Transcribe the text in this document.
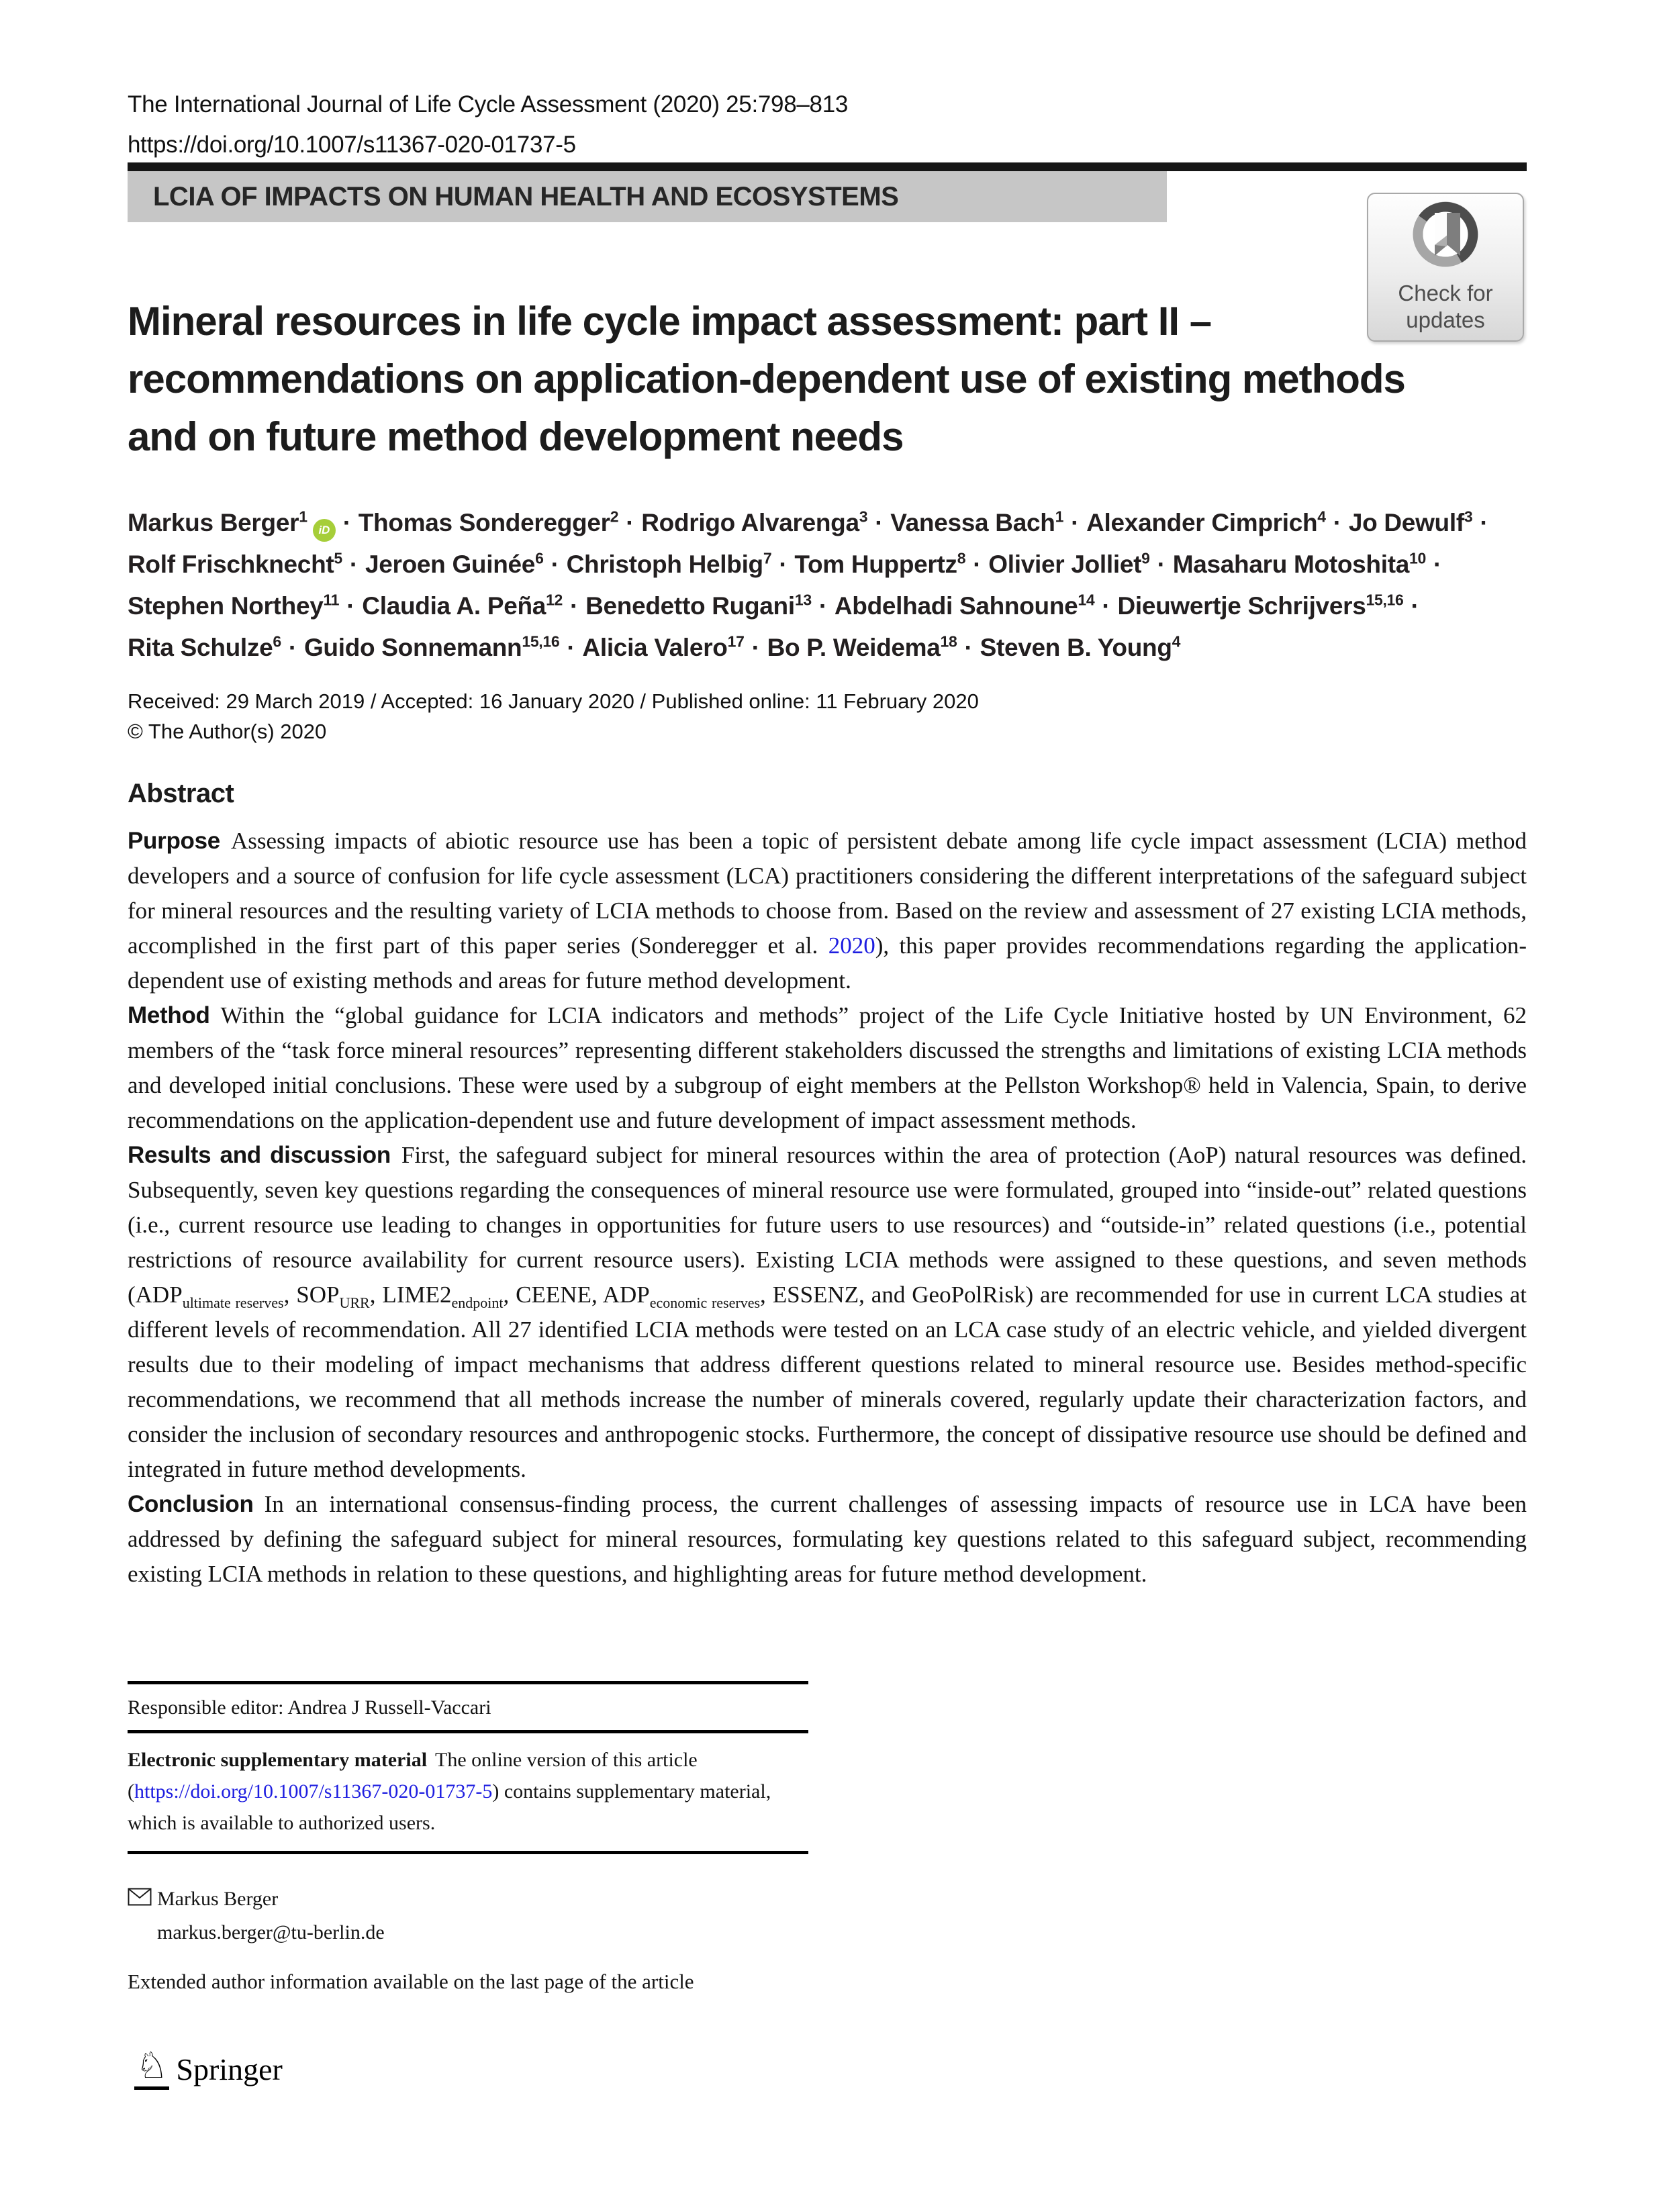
The International Journal of Life Cycle Assessment (2020) 25:798–813
https://doi.org/10.1007/s11367-020-01737-5
LCIA OF IMPACTS ON HUMAN HEALTH AND ECOSYSTEMS
Check for
updates
Mineral resources in life cycle impact assessment: part II –
recommendations on application-dependent use of existing methods
and on future method development needs
Markus Berger$^1$iD · Thomas Sonderegger$^2$ · Rodrigo Alvarenga$^3$ · Vanessa Bach$^1$ · Alexander Cimprich$^4$ · Jo Dewulf$^3$ ·
Rolf Frischknecht$^5$ · Jeroen Guinée$^6$ · Christoph Helbig$^7$ · Tom Huppertz$^8$ · Olivier Jolliet$^9$ · Masaharu Motoshita$^{10}$ ·
Stephen Northey$^{11}$ · Claudia A. Peña$^{12}$ · Benedetto Rugani$^{13}$ · Abdelhadi Sahnoune$^{14}$ · Dieuwertje Schrijvers$^{15,16}$ ·
Rita Schulze$^6$ · Guido Sonnemann$^{15,16}$ · Alicia Valero$^{17}$ · Bo P. Weidema$^{18}$ · Steven B. Young$^4$
Received: 29 March 2019 / Accepted: 16 January 2020 / Published online: 11 February 2020
© The Author(s) 2020
Abstract

Purpose Assessing impacts of abiotic resource use has been a topic of persistent debate among life cycle impact assessment (LCIA) method developers and a source of confusion for life cycle assessment (LCA) practitioners considering the different interpretations of the safeguard subject for mineral resources and the resulting variety of LCIA methods to choose from. Based on the review and assessment of 27 existing LCIA methods, accomplished in the first part of this paper series (Sonderegger et al. 2020), this paper provides recommendations regarding the application-dependent use of existing methods and areas for future method development.

Method Within the “global guidance for LCIA indicators and methods” project of the Life Cycle Initiative hosted by UN Environment, 62 members of the “task force mineral resources” representing different stakeholders discussed the strengths and limitations of existing LCIA methods and developed initial conclusions. These were used by a subgroup of eight members at the Pellston Workshop® held in Valencia, Spain, to derive recommendations on the application-dependent use and future development of impact assessment methods.

Results and discussion First, the safeguard subject for mineral resources within the area of protection (AoP) natural resources was defined. Subsequently, seven key questions regarding the consequences of mineral resource use were formulated, grouped into “inside-out” related questions (i.e., current resource use leading to changes in opportunities for future users to use resources) and “outside-in” related questions (i.e., potential restrictions of resource availability for current resource users). Existing LCIA methods were assigned to these questions, and seven methods ($ADP_{ultimate reserves}$, $SOP_{URR}$, $LIME2_{endpoint}$, CEENE, $ADP_{economic reserves}$, ESSENZ, and GeoPolRisk) are recommended for use in current LCA studies at different levels of recommendation. All 27 identified LCIA methods were tested on an LCA case study of an electric vehicle, and yielded divergent results due to their modeling of impact mechanisms that address different questions related to mineral resource use. Besides method-specific recommendations, we recommend that all methods increase the number of minerals covered, regularly update their characterization factors, and consider the inclusion of secondary resources and anthropogenic stocks. Furthermore, the concept of dissipative resource use should be defined and integrated in future method developments.

Conclusion In an international consensus-finding process, the current challenges of assessing impacts of resource use in LCA have been addressed by defining the safeguard subject for mineral resources, formulating key questions related to this safeguard subject, recommending existing LCIA methods in relation to these questions, and highlighting areas for future method development.

Responsible editor: Andrea J Russell-Vaccari
Electronic supplementary material The online version of this article (https://doi.org/10.1007/s11367-020-01737-5) contains supplementary material, which is available to authorized users.
Markus Berger
markus.berger@tu-berlin.de
Extended author information available on the last page of the article
♘ Springer
